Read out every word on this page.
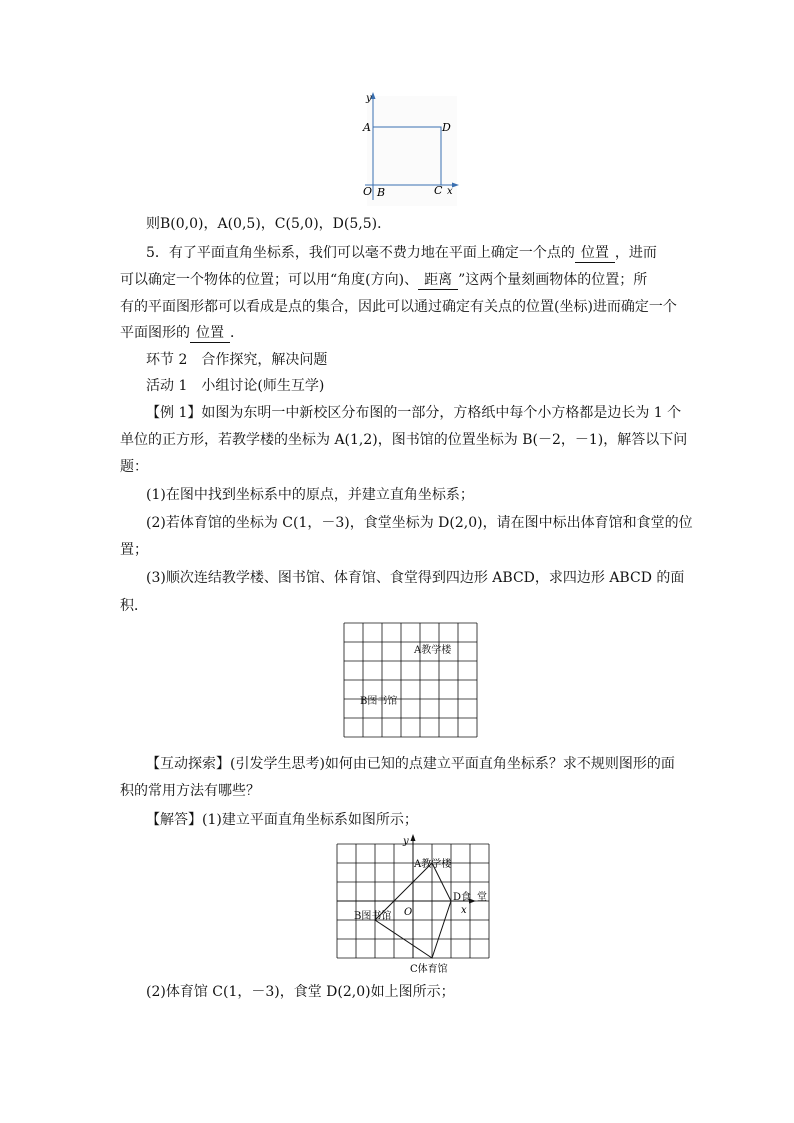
y
A	D
O B	C x
则B(0,0)，A(0,5)，C(5,0)，D(5,5)．
5．有了平面直角坐标系，我们可以毫不费力地在平面上确定一个点的 位置 ，进而
可以确定一个物体的位置；可以用“角度(方向)、 距离 ”这两个量刻画物体的位置；所
有的平面图形都可以看成是点的集合，因此可以通过确定有关点的位置(坐标)进而确定一个
平面图形的 位置 ．
环节 2　合作探究，解决问题
活动 1　小组讨论(师生互学)
【例 1】如图为东明一中新校区分布图的一部分，方格纸中每个小方格都是边长为 1 个
单位的正方形，若教学楼的坐标为 A(1,2)，图书馆的位置坐标为 B(－2，－1)，解答以下问
题：
(1)在图中找到坐标系中的原点，并建立直角坐标系；
(2)若体育馆的坐标为 C(1，－3)，食堂坐标为 D(2,0)，请在图中标出体育馆和食堂的位
置；
(3)顺次连结教学楼、图书馆、体育馆、食堂得到四边形 ABCD，求四边形 ABCD 的面
积．
A教学楼
B图书馆
【互动探索】(引发学生思考)如何由已知的点建立平面直角坐标系？求不规则图形的面
积的常用方法有哪些？
【解答】(1)建立平面直角坐标系如图所示；
y
A教学楼
D食 堂
x
B图书馆 O
C体育馆
(2)体育馆 C(1，－3)，食堂 D(2,0)如上图所示；
